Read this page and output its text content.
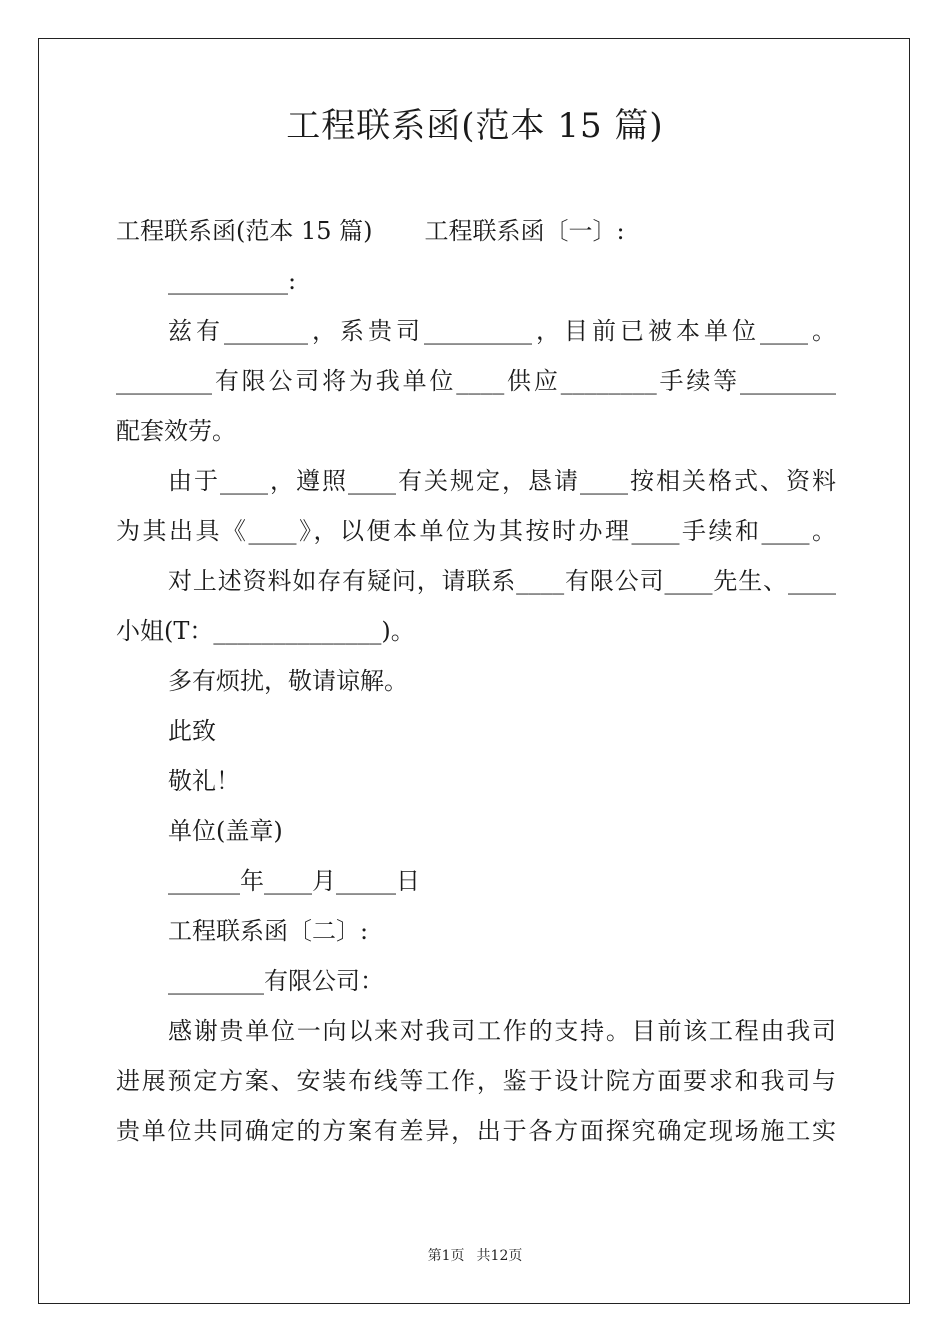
工程联系函(范本 15 篇)

工程联系函(范本 15 篇) 工程联系函〔一〕:

__________:

兹有_______，系贵司_________，目前已被本单位____。

________有限公司将为我单位____供应________手续等________

配套效劳。

由于____，遵照____有关规定，恳请____按相关格式、资料

为其出具《____》，以便本单位为其按时办理____手续和____。

对上述资料如存有疑问，请联系____有限公司____先生、____

小姐(T：______________)。

多有烦扰，敬请谅解。

此致

敬礼！

单位(盖章)

______年____月_____日

工程联系函〔二〕:

________有限公司：

感谢贵单位一向以来对我司工作的支持。目前该工程由我司

进展预定方案、安装布线等工作，鉴于设计院方面要求和我司与

贵单位共同确定的方案有差异，出于各方面探究确定现场施工实

第1页 共12页
